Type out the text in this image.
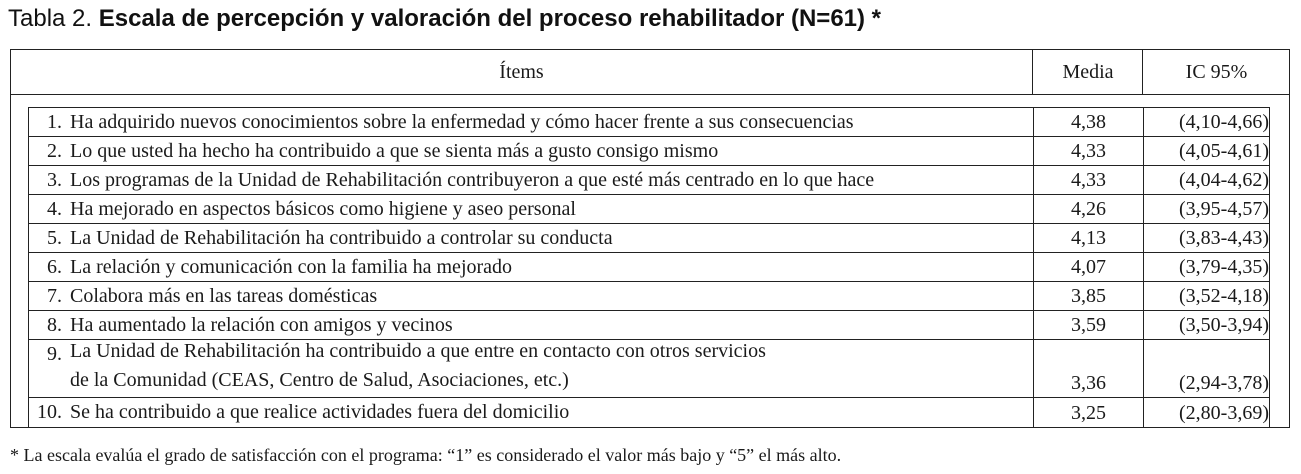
Tabla 2. Escala de percepción y valoración del proceso rehabilitador (N=61) *
Ítems	Media	IC 95%
1. Ha adquirido nuevos conocimientos sobre la enfermedad y cómo hacer frente a sus consecuencias	4,38	(4,10-4,66)
2. Lo que usted ha hecho ha contribuido a que se sienta más a gusto consigo mismo	4,33	(4,05-4,61)
3. Los programas de la Unidad de Rehabilitación contribuyeron a que esté más centrado en lo que hace	4,33	(4,04-4,62)
4. Ha mejorado en aspectos básicos como higiene y aseo personal	4,26	(3,95-4,57)
5. La Unidad de Rehabilitación ha contribuido a controlar su conducta	4,13	(3,83-4,43)
6. La relación y comunicación con la familia ha mejorado	4,07	(3,79-4,35)
7. Colabora más en las tareas domésticas	3,85	(3,52-4,18)
8. Ha aumentado la relación con amigos y vecinos	3,59	(3,50-3,94)
9. La Unidad de Rehabilitación ha contribuido a que entre en contacto con otros servicios
de la Comunidad (CEAS, Centro de Salud, Asociaciones, etc.)	3,36	(2,94-3,78)
10. Se ha contribuido a que realice actividades fuera del domicilio	3,25	(2,80-3,69)
* La escala evalúa el grado de satisfacción con el programa: “1” es considerado el valor más bajo y “5” el más alto.
